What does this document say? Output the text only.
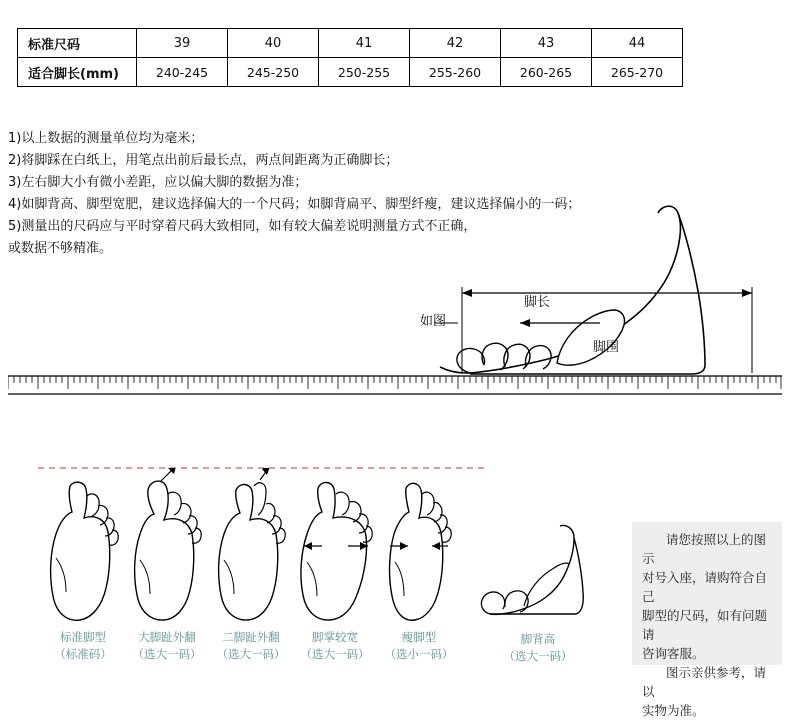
标准尺码	39	40	41	42	43	44
适合脚长(mm)	240-245	245-250	250-255	255-260	260-265	265-270
1)以上数据的测量单位均为毫米；
2)将脚踩在白纸上，用笔点出前后最长点，两点间距离为正确脚长；
3)左右脚大小有微小差距，应以偏大脚的数据为准；
4)如脚背高、脚型宽肥，建议选择偏大的一个尺码；如脚背扁平、脚型纤瘦，建议选择偏小的一码；
5)测量出的尺码应与平时穿着尺码大致相同，如有较大偏差说明测量方式不正确，
或数据不够精准。
如图
脚长
脚围
标准脚型
（标准码）
大脚趾外翻
（选大一码）
二脚趾外翻
（选大一码）
脚掌较宽
（选大一码）
瘦脚型
（选小一码）
脚背高
（选大一码）

请您按照以上的图示

对号入座，请购符合自己

脚型的尺码，如有问题请

咨询客服。

图示亲供参考，请以

实物为准。
